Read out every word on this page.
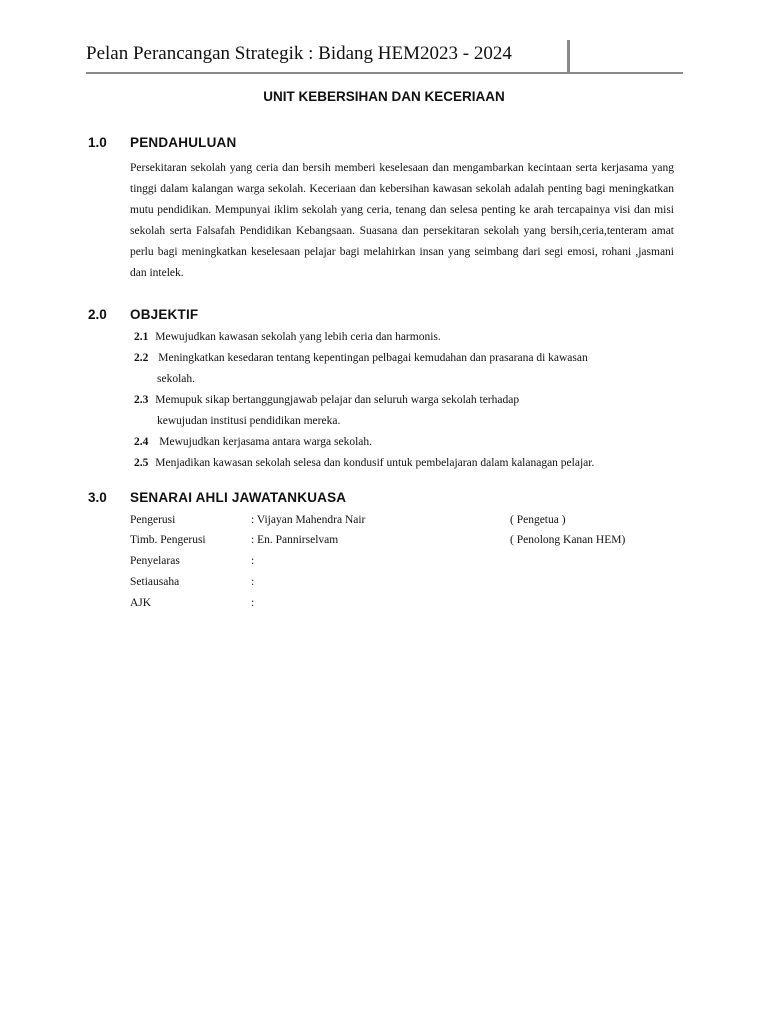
Pelan Perancangan Strategik : Bidang HEM2023 - 2024
UNIT KEBERSIHAN DAN KECERIAAN
1.0 PENDAHULUAN
Persekitaran sekolah yang ceria dan bersih memberi keselesaan dan mengambarkan kecintaan serta kerjasama yang tinggi dalam kalangan warga sekolah. Keceriaan dan kebersihan kawasan sekolah adalah penting bagi meningkatkan mutu pendidikan. Mempunyai iklim sekolah yang ceria, tenang dan selesa penting ke arah tercapainya visi dan misi sekolah serta Falsafah Pendidikan Kebangsaan. Suasana dan persekitaran sekolah yang bersih,ceria,tenteram amat perlu bagi meningkatkan keselesaan pelajar bagi melahirkan insan yang seimbang dari segi emosi, rohani ,jasmani dan intelek.
2.0 OBJEKTIF
2.1 Mewujudkan kawasan sekolah yang lebih ceria dan harmonis.
2.2 Meningkatkan kesedaran tentang kepentingan pelbagai kemudahan dan prasarana di kawasan
sekolah.
2.3 Memupuk sikap bertanggungjawab pelajar dan seluruh warga sekolah terhadap
kewujudan institusi pendidikan mereka.
2.4 Mewujudkan kerjasama antara warga sekolah.
2.5 Menjadikan kawasan sekolah selesa dan kondusif untuk pembelajaran dalam kalanagan pelajar.
3.0 SENARAI AHLI JAWATANKUASA
Pengerusi	: Vijayan Mahendra Nair	( Pengetua )
Timb. Pengerusi	: En. Pannirselvam	( Penolong Kanan HEM)
Penyelaras	:
Setiausaha	:
AJK	:
